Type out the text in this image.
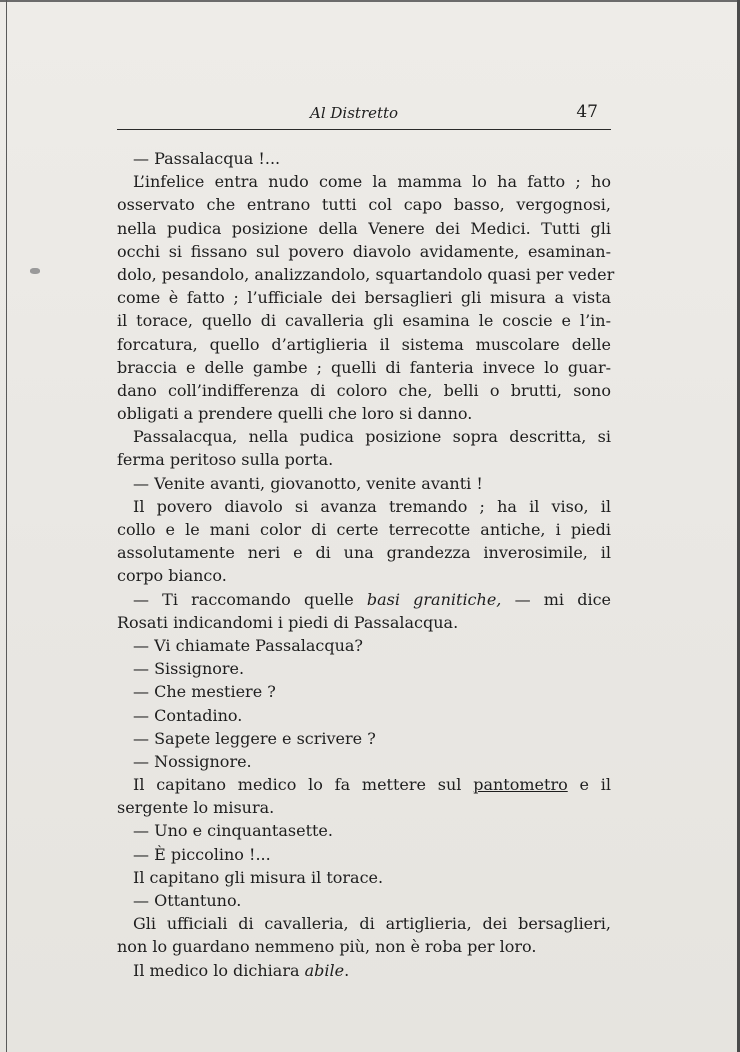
Al Distretto	47
— Passalacqua !...
L’infelice entra nudo come la mamma lo ha fatto ; ho
osservato che entrano tutti col capo basso, vergognosi,
nella pudica posizione della Venere dei Medici. Tutti gli
occhi si fissano sul povero diavolo avidamente, esaminan-
dolo, pesandolo, analizzandolo, squartandolo quasi per veder
come è fatto ; l’ufficiale dei bersaglieri gli misura a vista
il torace, quello di cavalleria gli esamina le coscie e l’in-
forcatura, quello d’artiglieria il sistema muscolare delle
braccia e delle gambe ; quelli di fanteria invece lo guar-
dano coll’indifferenza di coloro che, belli o brutti, sono
obligati a prendere quelli che loro si danno.
Passalacqua, nella pudica posizione sopra descritta, si
ferma peritoso sulla porta.
— Venite avanti, giovanotto, venite avanti !
Il povero diavolo si avanza tremando ; ha il viso, il
collo e le mani color di certe terrecotte antiche, i piedi
assolutamente neri e di una grandezza inverosimile, il
corpo bianco.
— Ti raccomando quelle basi granitiche, — mi dice
Rosati indicandomi i piedi di Passalacqua.
— Vi chiamate Passalacqua?
— Sissignore.
— Che mestiere ?
— Contadino.
— Sapete leggere e scrivere ?
— Nossignore.
Il capitano medico lo fa mettere sul pantometro e il
sergente lo misura.
— Uno e cinquantasette.
— È piccolino !...
Il capitano gli misura il torace.
— Ottantuno.
Gli ufficiali di cavalleria, di artiglieria, dei bersaglieri,
non lo guardano nemmeno più, non è roba per loro.
Il medico lo dichiara abile.
